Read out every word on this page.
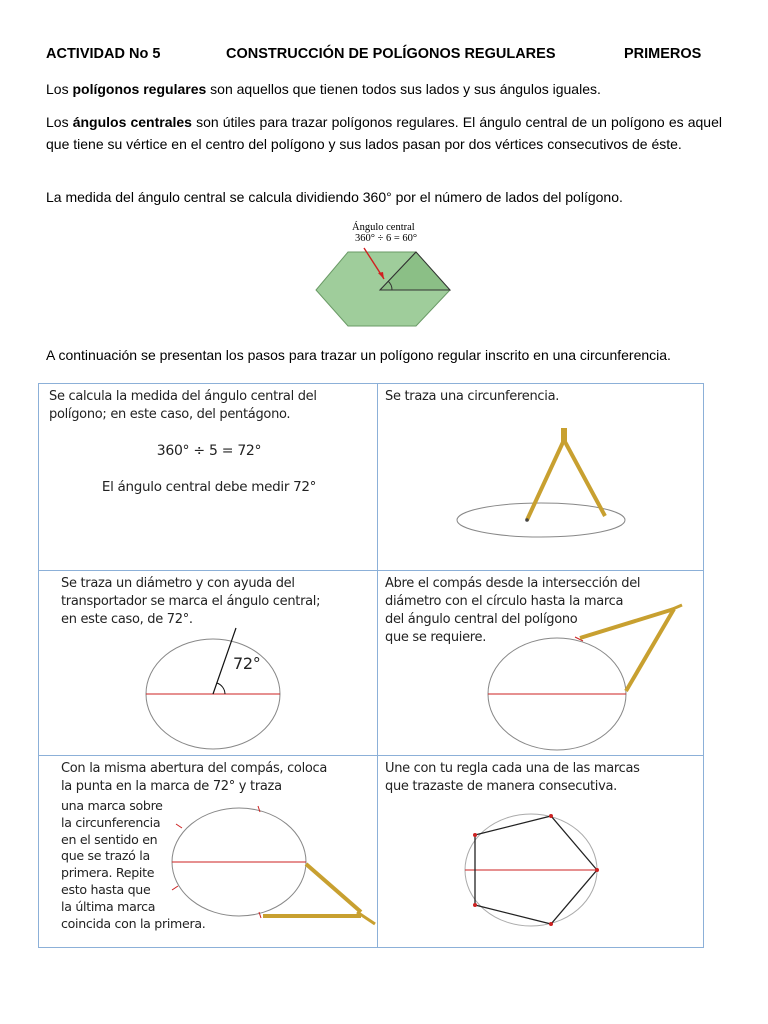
ACTIVIDAD No 5	CONSTRUCCIÓN DE POLÍGONOS REGULARES	PRIMEROS
Los polígonos regulares son aquellos que tienen todos sus lados y sus ángulos iguales.
Los ángulos centrales son útiles para trazar polígonos regulares. El ángulo central de un polígono es aquel que tiene su vértice en el centro del polígono y sus lados pasan por dos vértices consecutivos de éste.
La medida del ángulo central se calcula dividiendo 360° por el número de lados del polígono.
Ángulo central
360° ÷ 6 = 60°
A continuación se presentan los pasos para trazar un polígono regular inscrito en una circunferencia.
Se calcula la medida del ángulo central del
polígono; en este caso, del pentágono.
360° ÷ 5 = 72°
El ángulo central debe medir 72°
Se traza una circunferencia.
Se traza un diámetro y con ayuda del
transportador se marca el ángulo central;
en este caso, de 72°.
72°
Abre el compás desde la intersección del
diámetro con el círculo hasta la marca
del ángulo central del polígono
que se requiere.
Con la misma abertura del compás, coloca
la punta en la marca de 72° y traza
una marca sobre
la circunferencia
en el sentido en
que se trazó la
primera. Repite
esto hasta que
la última marca
coincida con la primera.
Une con tu regla cada una de las marcas
que trazaste de manera consecutiva.
